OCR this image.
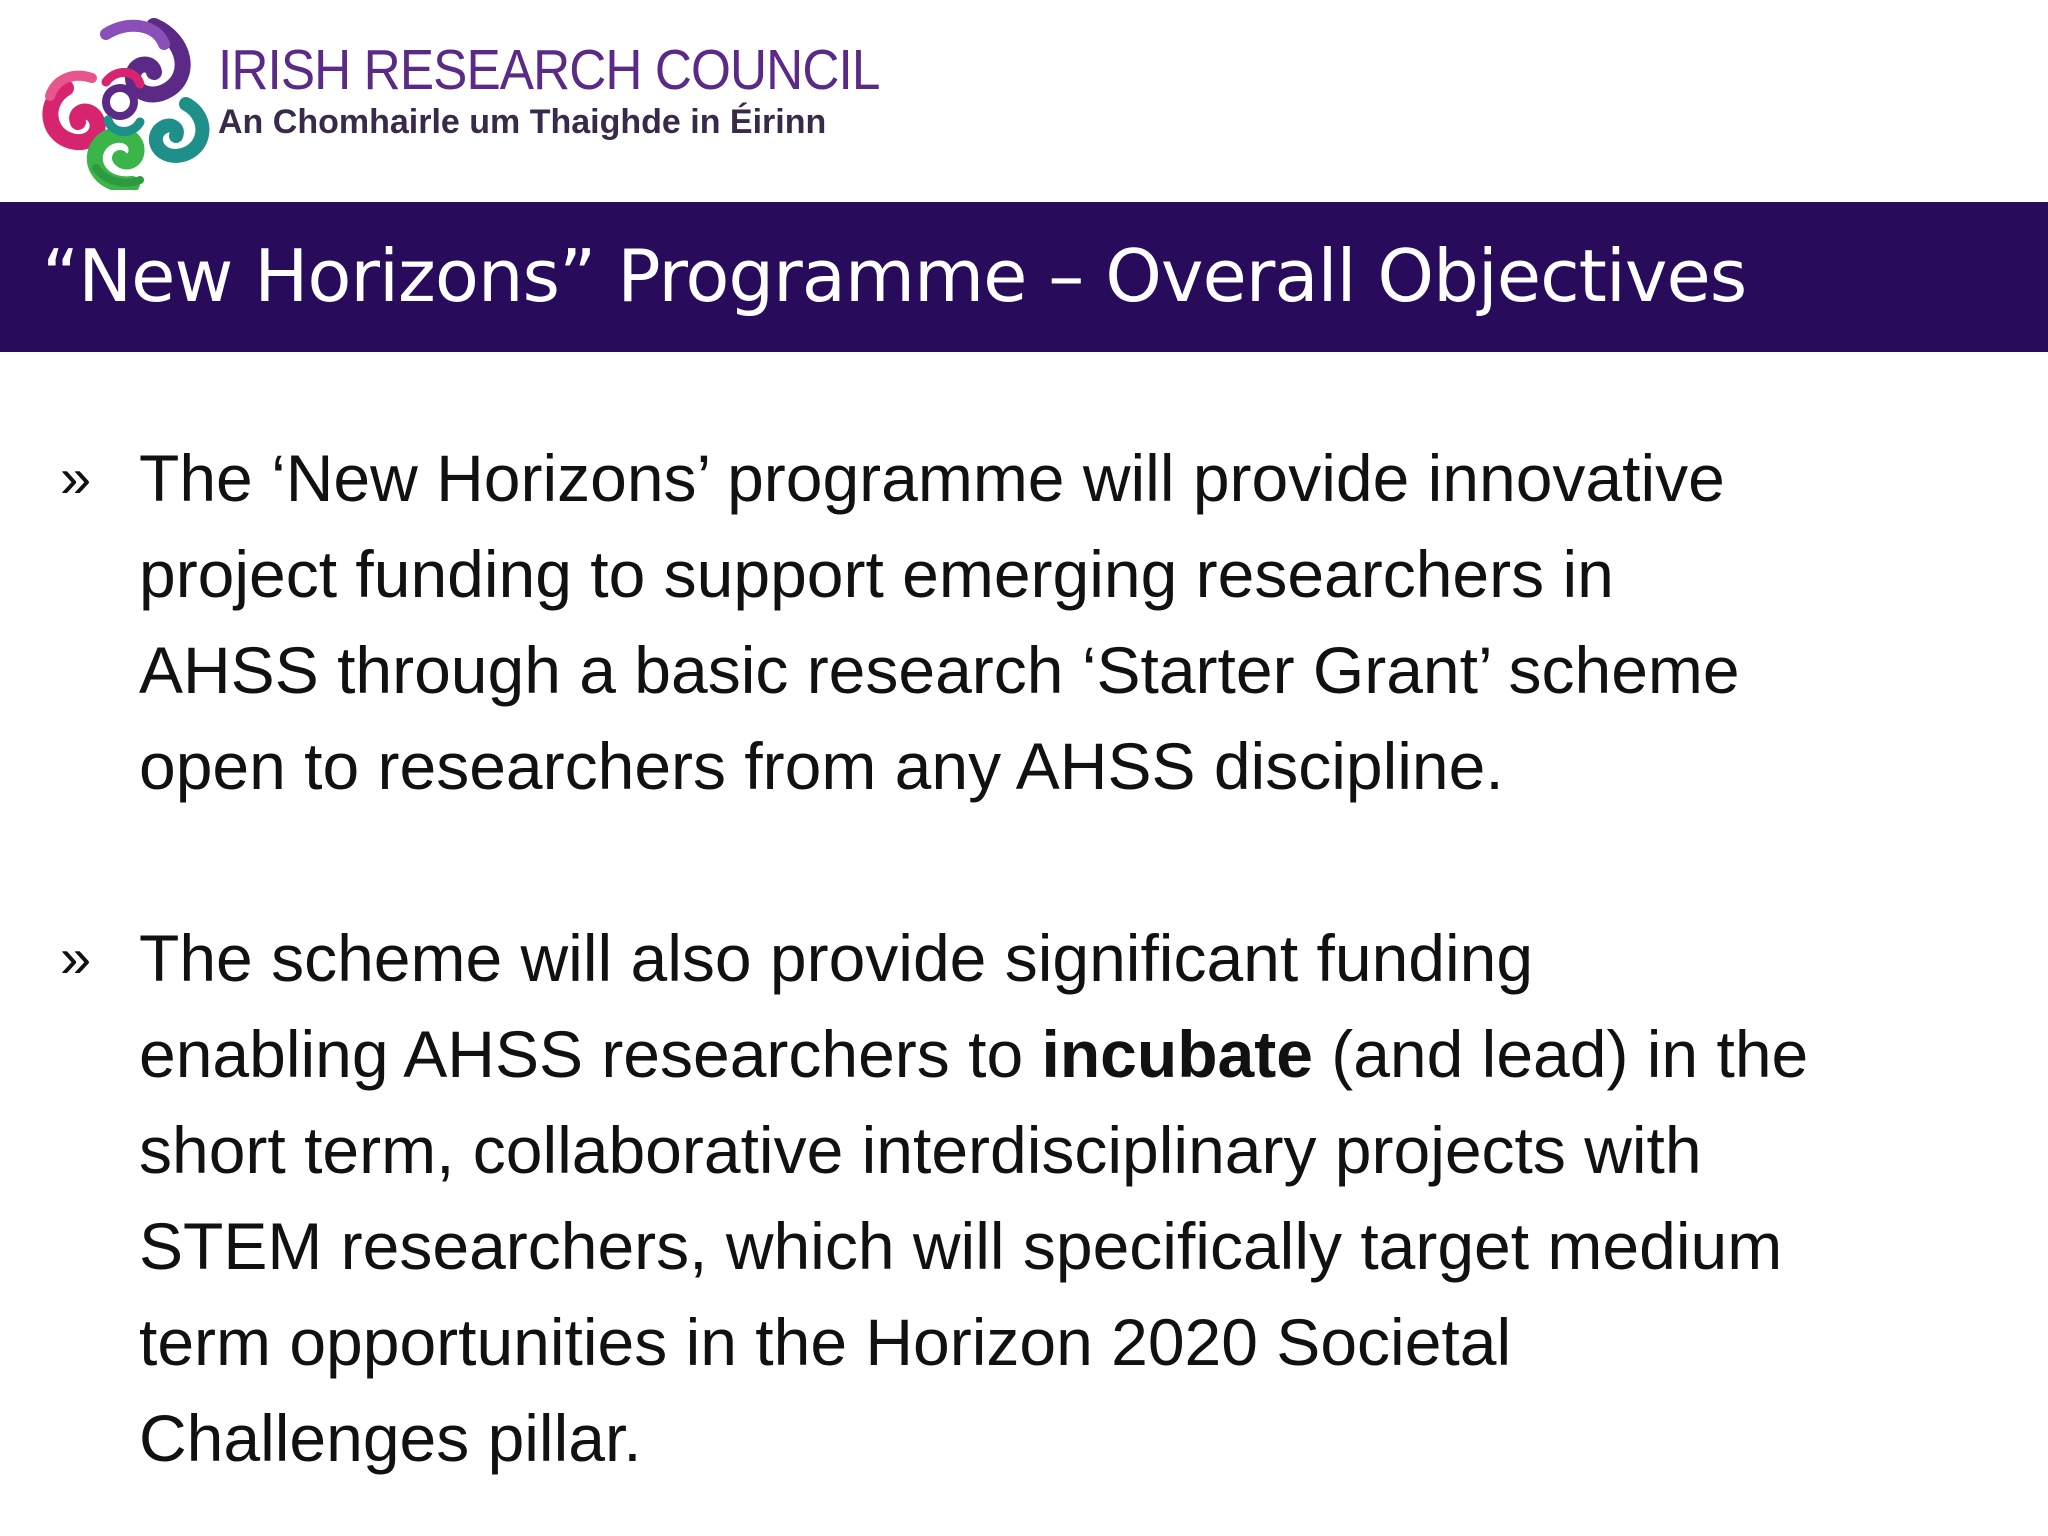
IRISH RESEARCH COUNCIL
An Chomhairle um Thaighde in Éirinn
“New Horizons” Programme – Overall Objectives
» The ‘New Horizons’ programme will provide innovative
project funding to support emerging researchers in
AHSS through a basic research ‘Starter Grant’ scheme
open to researchers from any AHSS discipline.
» The scheme will also provide significant funding
enabling AHSS researchers to incubate (and lead) in the
short term, collaborative interdisciplinary projects with
STEM researchers, which will specifically target medium
term opportunities in the Horizon 2020 Societal
Challenges pillar.
